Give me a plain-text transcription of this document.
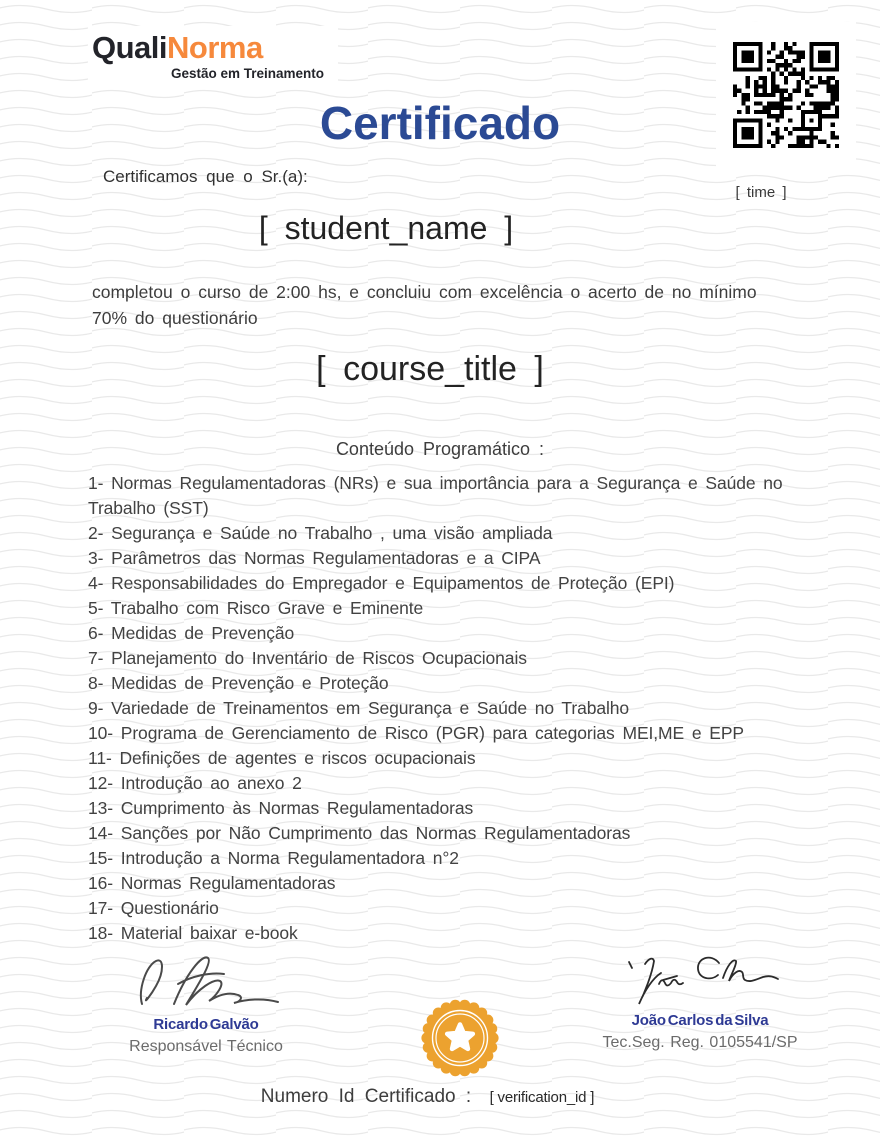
QualiNorma
Gestão em Treinamento
[ time ]
Certificado
Certificamos que o Sr.(a):
[ student_name ]
completou o curso de 2:00 hs, e concluiu com excelência o acerto de no mínimo
70% do questionário
[ course_title ]
Conteúdo Programático :
1- Normas Regulamentadoras (NRs) e sua importância para a Segurança e Saúde no Trabalho (SST)
2- Segurança e Saúde no Trabalho , uma visão ampliada
3- Parâmetros das Normas Regulamentadoras e a CIPA
4- Responsabilidades do Empregador e Equipamentos de Proteção (EPI)
5- Trabalho com Risco Grave e Eminente
6- Medidas de Prevenção
7- Planejamento do Inventário de Riscos Ocupacionais
8- Medidas de Prevenção e Proteção
9- Variedade de Treinamentos em Segurança e Saúde no Trabalho
10- Programa de Gerenciamento de Risco (PGR) para categorias MEI,ME e EPP
11- Definições de agentes e riscos ocupacionais
12- Introdução ao anexo 2
13- Cumprimento às Normas Regulamentadoras
14- Sanções por Não Cumprimento das Normas Regulamentadoras
15- Introdução a Norma Regulamentadora n°2
16- Normas Regulamentadoras
17- Questionário
18- Material baixar e-book
Ricardo Galvão
Responsável Técnico
João Carlos da Silva
Tec.Seg. Reg. 0105541/SP
Numero Id Certificado : [ verification_id ]
